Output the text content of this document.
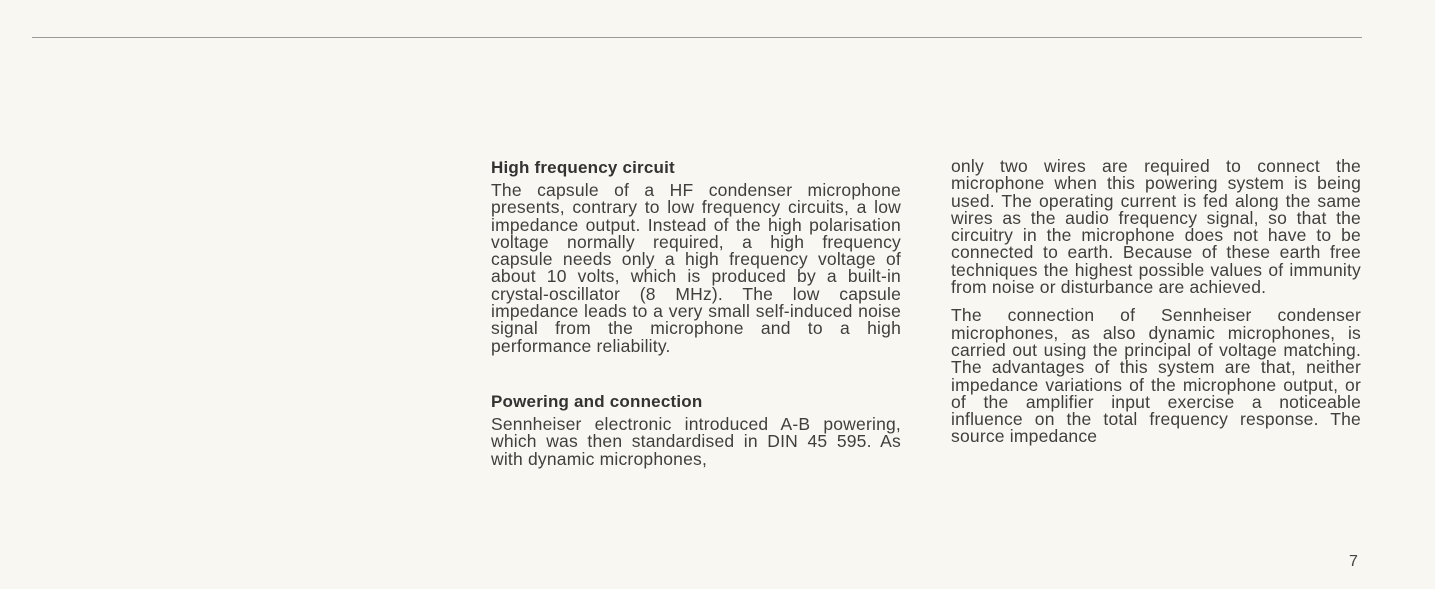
High frequency circuit

The capsule of a HF condenser microphone presents, contrary to low frequency circuits, a low impedance output. Instead of the high polarisation voltage normally required, a high frequency capsule needs only a high frequency voltage of about 10 volts, which is produced by a built-in crystal-oscillator (8 MHz). The low capsule impedance leads to a very small self-induced noise signal from the microphone and to a high performance reliability.

Powering and connection

Sennheiser electronic introduced A-B powering, which was then standardised in DIN 45 595. As with dynamic microphones,

only two wires are required to connect the microphone when this powering system is being used. The operating current is fed along the same wires as the audio frequency signal, so that the circuitry in the microphone does not have to be connected to earth. Because of these earth free techniques the highest possible values of immunity from noise or disturbance are achieved.

The connection of Sennheiser condenser microphones, as also dynamic microphones, is carried out using the principal of voltage matching. The advantages of this system are that, neither impedance variations of the microphone output, or of the amplifier input exercise a noticeable influence on the total frequency response. The source impedance

7
